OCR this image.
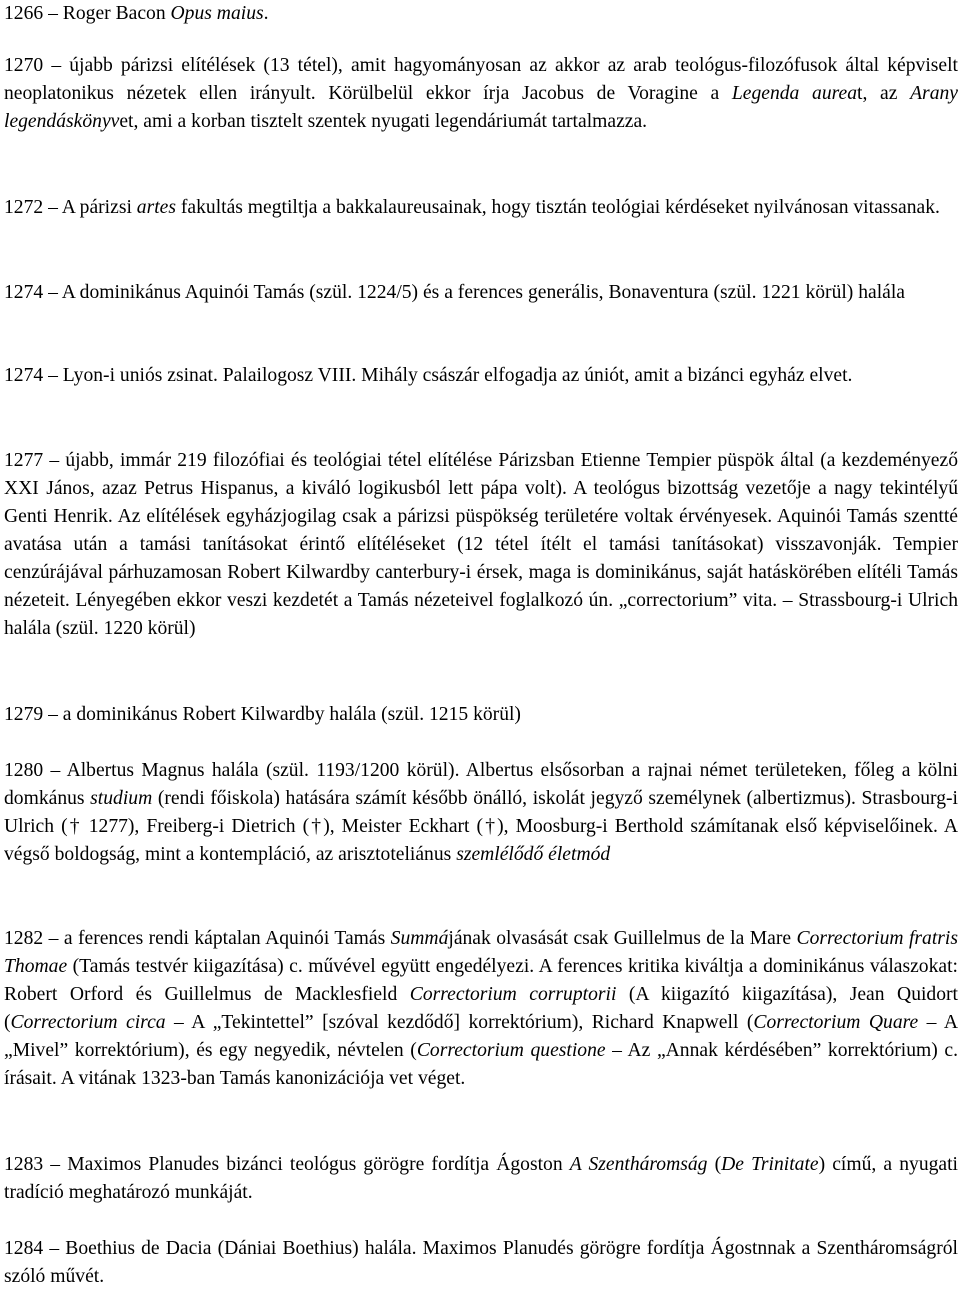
1266 – Roger Bacon Opus maius.

1270 – újabb párizsi elítélések (13 tétel), amit hagyományosan az akkor az arab teológus-filozófusok által képviselt neoplatonikus nézetek ellen irányult. Körülbelül ekkor írja Jacobus de Voragine a Legenda aureat, az Arany legendáskönyvet, ami a korban tisztelt szentek nyugati legendáriumát tartalmazza.

1272 – A párizsi artes fakultás megtiltja a bakkalaureusainak, hogy tisztán teológiai kérdéseket nyilvánosan vitassanak.

1274 – A dominikánus Aquinói Tamás (szül. 1224/5) és a ferences generális, Bonaventura (szül. 1221 körül) halála

1274 – Lyon-i uniós zsinat. Palailogosz VIII. Mihály császár elfogadja az úniót, amit a bizánci egyház elvet.

1277 – újabb, immár 219 filozófiai és teológiai tétel elítélése Párizsban Etienne Tempier püspök által (a kezdeményező XXI János, azaz Petrus Hispanus, a kiváló logikusból lett pápa volt). A teológus bizottság vezetője a nagy tekintélyű Genti Henrik. Az elítélések egyházjogilag csak a párizsi püspökség területére voltak érvényesek. Aquinói Tamás szentté avatása után a tamási tanításokat érintő elítéléseket (12 tétel ítélt el tamási tanításokat) visszavonják. Tempier cenzúrájával párhuzamosan Robert Kilwardby canterbury-i érsek, maga is dominikánus, saját hatáskörében elítéli Tamás nézeteit. Lényegében ekkor veszi kezdetét a Tamás nézeteivel foglalkozó ún. „correctorium” vita. – Strassbourg-i Ulrich halála (szül. 1220 körül)

1279 – a dominikánus Robert Kilwardby halála (szül. 1215 körül)

1280 – Albertus Magnus halála (szül. 1193/1200 körül). Albertus elsősorban a rajnai német területeken, főleg a kölni domkánus studium (rendi főiskola) hatására számít később önálló, iskolát jegyző személynek (albertizmus). Strasbourg-i Ulrich († 1277), Freiberg-i Dietrich (†), Meister Eckhart (†), Moosburg-i Berthold számítanak első képviselőinek. A végső boldogság, mint a kontempláció, az arisztoteliánus szemlélődő életmód

1282 – a ferences rendi káptalan Aquinói Tamás Summájának olvasását csak Guillelmus de la Mare Correctorium fratris Thomae (Tamás testvér kiigazítása) c. művével együtt engedélyezi. A ferences kritika kiváltja a dominikánus válaszokat: Robert Orford és Guillelmus de Macklesfield Correctorium corruptorii (A kiigazító kiigazítása), Jean Quidort (Correctorium circa – A „Tekintettel” [szóval kezdődő] korrektórium), Richard Knapwell (Correctorium Quare – A „Mivel” korrektórium), és egy negyedik, névtelen (Correctorium questione – Az „Annak kérdésében” korrektórium) c. írásait. A vitának 1323-ban Tamás kanonizációja vet véget.

1283 – Maximos Planudes bizánci teológus görögre fordítja Ágoston A Szentháromság (De Trinitate) című, a nyugati tradíció meghatározó munkáját.

1284 – Boethius de Dacia (Dániai Boethius) halála. Maximos Planudés görögre fordítja Ágostnnak a Szentháromságról szóló művét.
